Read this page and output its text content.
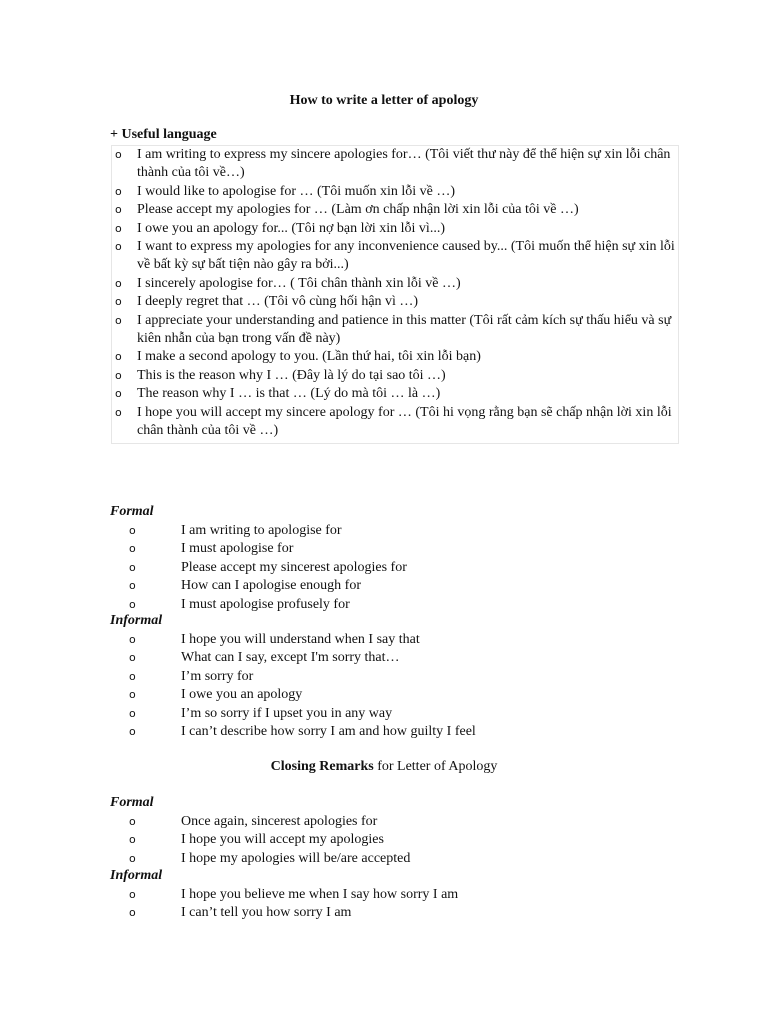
How to write a letter of apology
+ Useful language
o I am writing to express my sincere apologies for… (Tôi viết thư này để thể hiện sự xin lỗi chân thành của tôi về…)
o I would like to apologise for … (Tôi muốn xin lỗi về …)
o Please accept my apologies for … (Làm ơn chấp nhận lời xin lỗi của tôi về …)
o I owe you an apology for... (Tôi nợ bạn lời xin lỗi vì...)
o I want to express my apologies for any inconvenience caused by... (Tôi muốn thể hiện sự xin lỗi về bất kỳ sự bất tiện nào gây ra bởi...)
o I sincerely apologise for… ( Tôi chân thành xin lỗi về …)
o I deeply regret that … (Tôi vô cùng hối hận vì …)
o I appreciate your understanding and patience in this matter (Tôi rất cảm kích sự thấu hiểu và sự kiên nhẫn của bạn trong vấn đề này)
o I make a second apology to you. (Lần thứ hai, tôi xin lỗi bạn)
o This is the reason why I … (Đây là lý do tại sao tôi …)
o The reason why I … is that … (Lý do mà tôi … là …)
o I hope you will accept my sincere apology for … (Tôi hi vọng rằng bạn sẽ chấp nhận lời xin lỗi chân thành của tôi về …)
Formal
o	I am writing to apologise for
o	I must apologise for
o	Please accept my sincerest apologies for
o	How can I apologise enough for
o	I must apologise profusely for
Informal
o	I hope you will understand when I say that
o	What can I say, except I'm sorry that…
o	I’m sorry for
o	I owe you an apology
o	I’m so sorry if I upset you in any way
o	I can’t describe how sorry I am and how guilty I feel
Closing Remarks for Letter of Apology
Formal
o	Once again, sincerest apologies for
o	I hope you will accept my apologies
o	I hope my apologies will be/are accepted
Informal
o	I hope you believe me when I say how sorry I am
o	I can’t tell you how sorry I am
